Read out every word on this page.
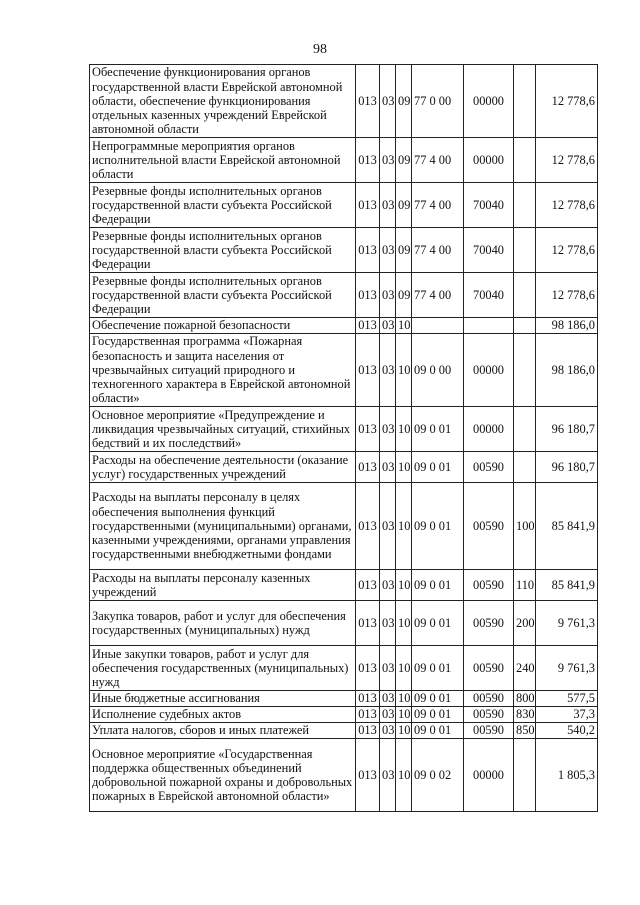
98
Обеспечение функционирования органов государственной власти Еврейской автономной области, обеспечение функционирования отдельных казенных учреждений Еврейской автономной области	013	03	09	77 0 00	00000		12 778,6
Непрограммные мероприятия органов исполнительной власти Еврейской автономной области	013	03	09	77 4 00	00000		12 778,6
Резервные фонды исполнительных органов государственной власти субъекта Российской Федерации	013	03	09	77 4 00	70040		12 778,6
Резервные фонды исполнительных органов государственной власти субъекта Российской Федерации	013	03	09	77 4 00	70040		12 778,6
Резервные фонды исполнительных органов государственной власти субъекта Российской Федерации	013	03	09	77 4 00	70040		12 778,6
Обеспечение пожарной безопасности	013	03	10				98 186,0
Государственная программа «Пожарная безопасность и защита населения от чрезвычайных ситуаций природного и техногенного характера в Еврейской автономной области»	013	03	10	09 0 00	00000		98 186,0
Основное мероприятие «Предупреждение и ликвидация чрезвычайных ситуаций, стихийных бедствий и их последствий»	013	03	10	09 0 01	00000		96 180,7
Расходы на обеспечение деятельности (оказание услуг) государственных учреждений	013	03	10	09 0 01	00590		96 180,7
Расходы на выплаты персоналу в целях обеспечения выполнения функций государственными (муниципальными) органами, казенными учреждениями, органами управления государственными внебюджетными фондами	013	03	10	09 0 01	00590	100	85 841,9
Расходы на выплаты персоналу казенных учреждений	013	03	10	09 0 01	00590	110	85 841,9
Закупка товаров, работ и услуг для обеспечения государственных (муниципальных) нужд	013	03	10	09 0 01	00590	200	9 761,3
Иные закупки товаров, работ и услуг для обеспечения государственных (муниципальных) нужд	013	03	10	09 0 01	00590	240	9 761,3
Иные бюджетные ассигнования	013	03	10	09 0 01	00590	800	577,5
Исполнение судебных актов	013	03	10	09 0 01	00590	830	37,3
Уплата налогов, сборов и иных платежей	013	03	10	09 0 01	00590	850	540,2
Основное мероприятие «Государственная поддержка общественных объединений добровольной пожарной охраны и добровольных пожарных в Еврейской автономной области»	013	03	10	09 0 02	00000		1 805,3
